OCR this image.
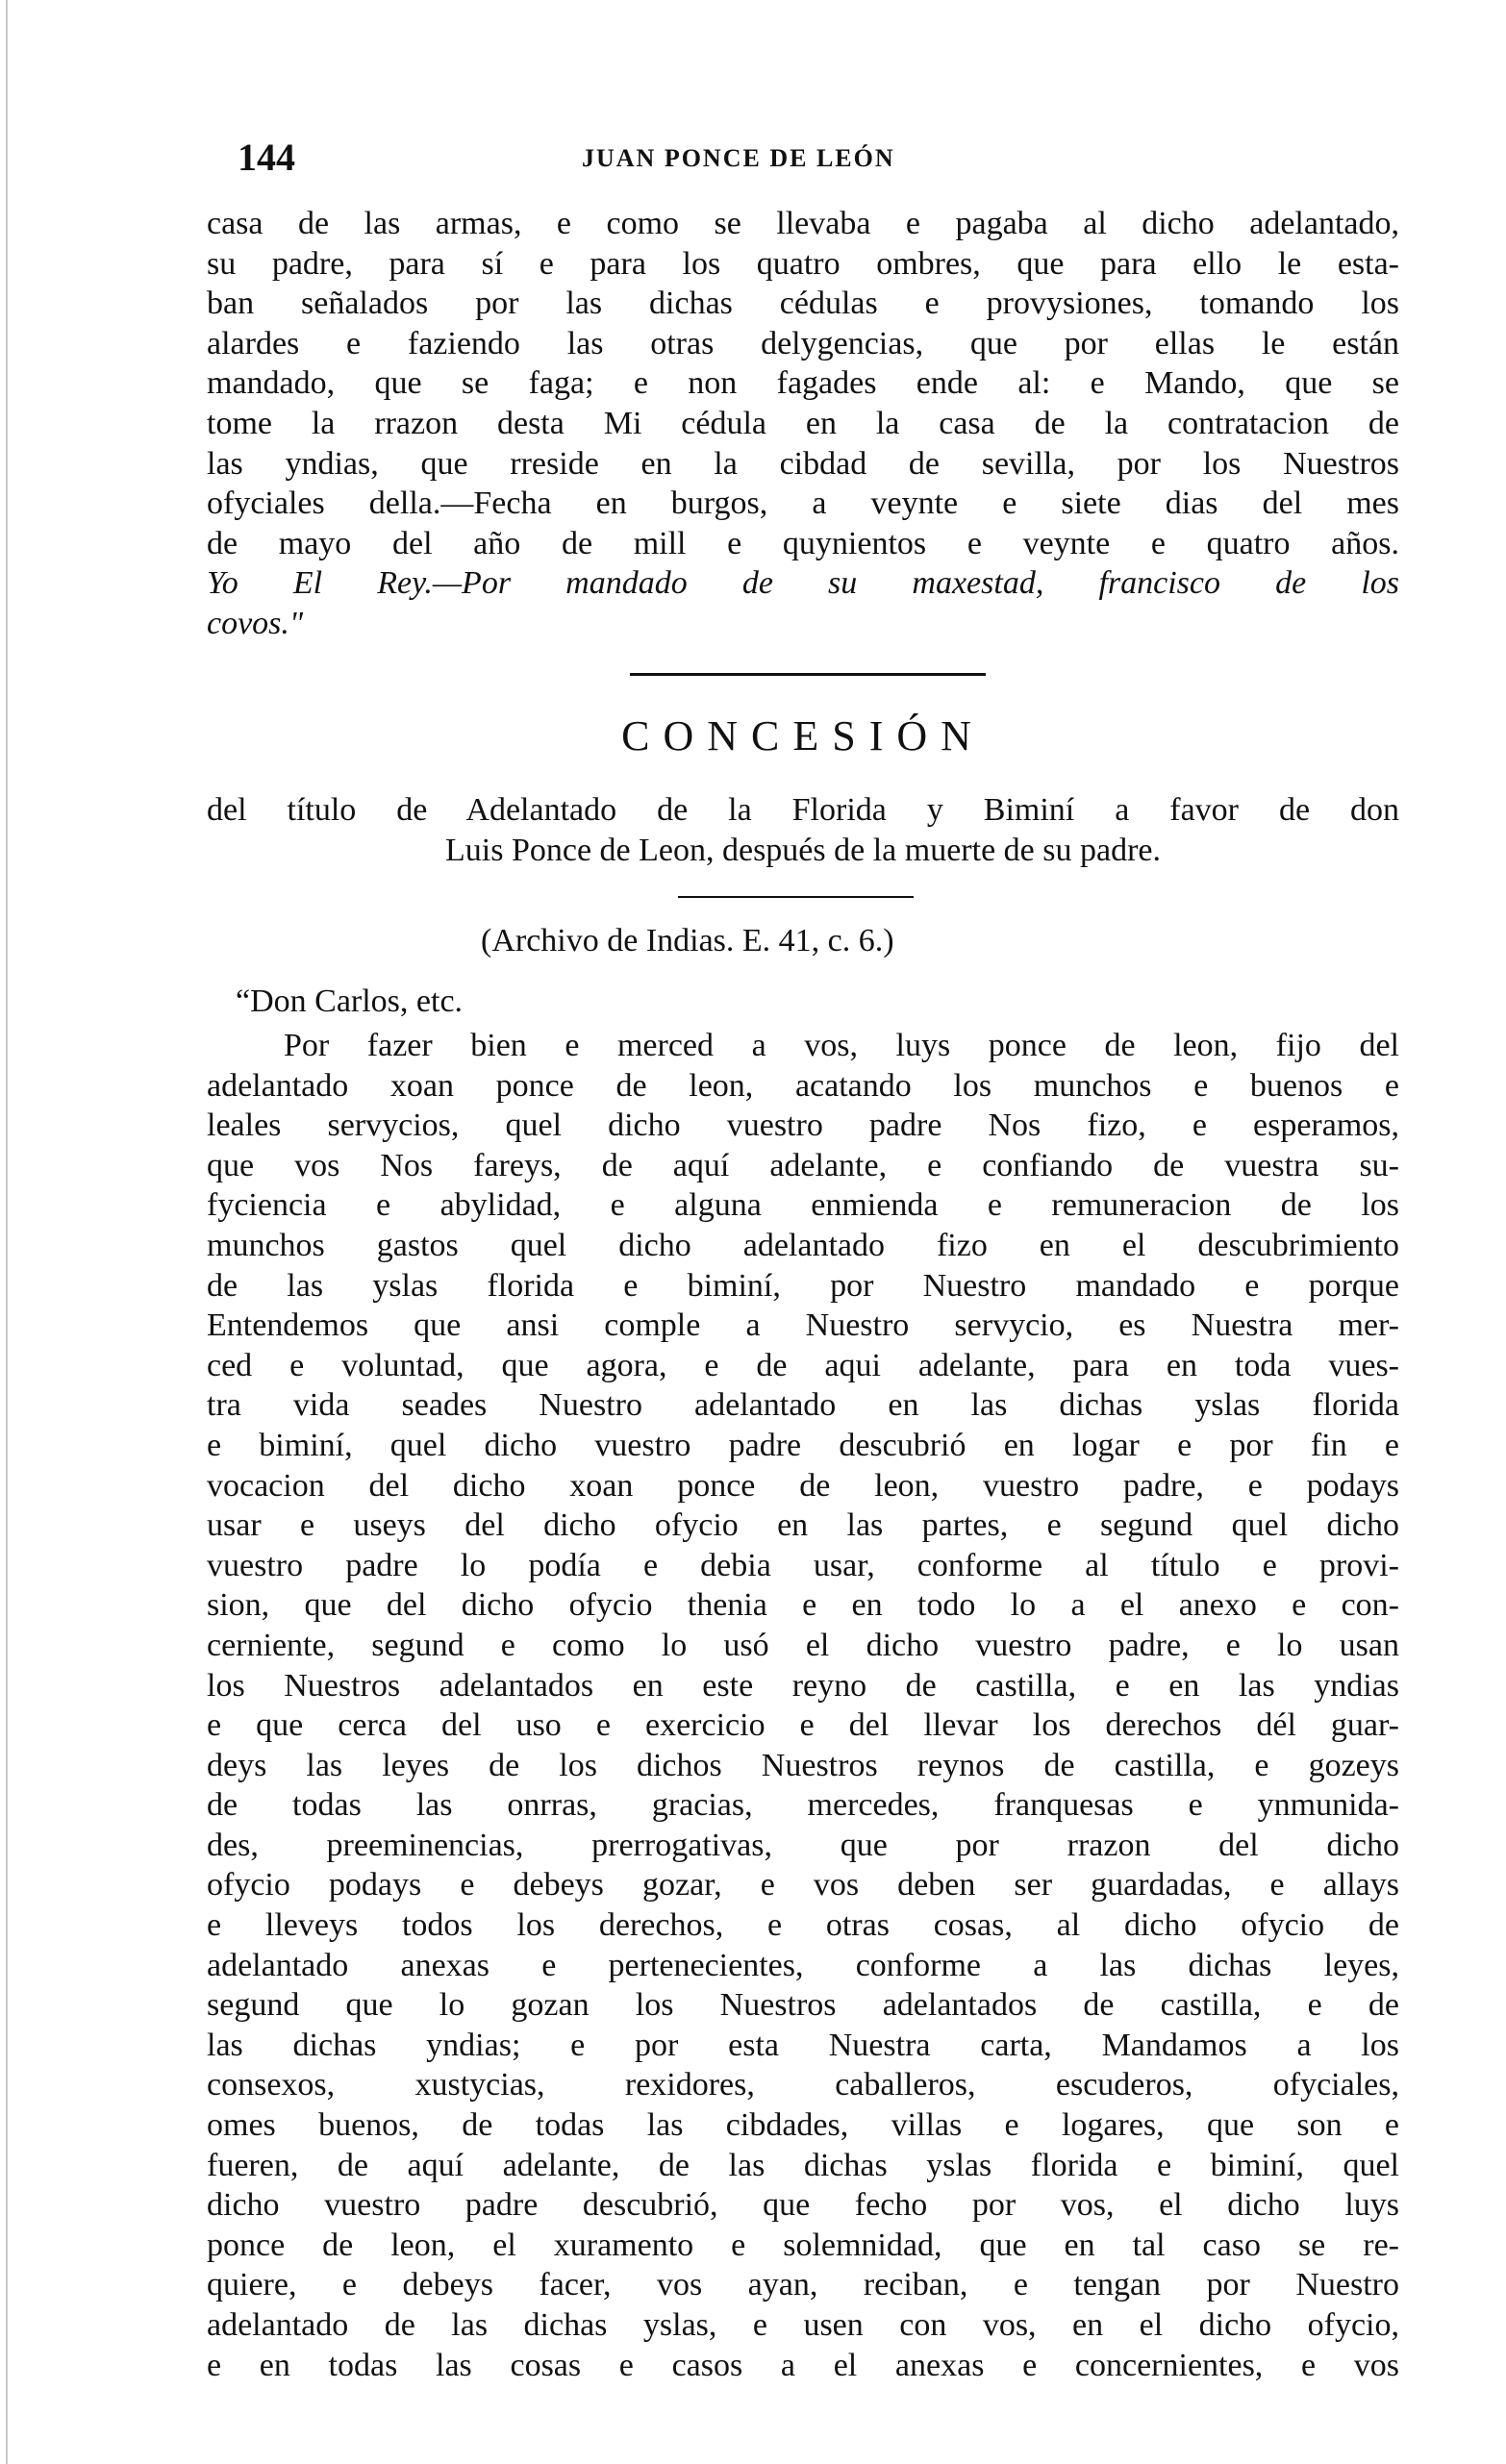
144	JUAN PONCE DE LEÓN
casa de las armas, e como se llevaba e pagaba al dicho adelantado,
su padre, para sí e para los quatro ombres, que para ello le esta-
ban señalados por las dichas cédulas e provysiones, tomando los
alardes e faziendo las otras delygencias, que por ellas le están
mandado, que se faga; e non fagades ende al: e Mando, que se
tome la rrazon desta Mi cédula en la casa de la contratacion de
las yndias, que rreside en la cibdad de sevilla, por los Nuestros
ofyciales della.—Fecha en burgos, a veynte e siete dias del mes
de mayo del año de mill e quynientos e veynte e quatro años.
Yo El Rey.—Por mandado de su maxestad, francisco de los
covos."
CONCESIÓN
del título de Adelantado de la Florida y Biminí a favor de don
Luis Ponce de Leon, después de la muerte de su padre.
(Archivo de Indias. E. 41, c. 6.)
“Don Carlos, etc.
Por fazer bien e merced a vos, luys ponce de leon, fijo del
adelantado xoan ponce de leon, acatando los munchos e buenos e
leales servycios, quel dicho vuestro padre Nos fizo, e esperamos,
que vos Nos fareys, de aquí adelante, e confiando de vuestra su-
fyciencia e abylidad, e alguna enmienda e remuneracion de los
munchos gastos quel dicho adelantado fizo en el descubrimiento
de las yslas florida e biminí, por Nuestro mandado e porque
Entendemos que ansi comple a Nuestro servycio, es Nuestra mer-
ced e voluntad, que agora, e de aqui adelante, para en toda vues-
tra vida seades Nuestro adelantado en las dichas yslas florida
e biminí, quel dicho vuestro padre descubrió en logar e por fin e
vocacion del dicho xoan ponce de leon, vuestro padre, e podays
usar e useys del dicho ofycio en las partes, e segund quel dicho
vuestro padre lo podía e debia usar, conforme al título e provi-
sion, que del dicho ofycio thenia e en todo lo a el anexo e con-
cerniente, segund e como lo usó el dicho vuestro padre, e lo usan
los Nuestros adelantados en este reyno de castilla, e en las yndias
e que cerca del uso e exercicio e del llevar los derechos dél guar-
deys las leyes de los dichos Nuestros reynos de castilla, e gozeys
de todas las onrras, gracias, mercedes, franquesas e ynmunida-
des, preeminencias, prerrogativas, que por rrazon del dicho
ofycio podays e debeys gozar, e vos deben ser guardadas, e allays
e lleveys todos los derechos, e otras cosas, al dicho ofycio de
adelantado anexas e pertenecientes, conforme a las dichas leyes,
segund que lo gozan los Nuestros adelantados de castilla, e de
las dichas yndias; e por esta Nuestra carta, Mandamos a los
consexos, xustycias, rexidores, caballeros, escuderos, ofyciales,
omes buenos, de todas las cibdades, villas e logares, que son e
fueren, de aquí adelante, de las dichas yslas florida e biminí, quel
dicho vuestro padre descubrió, que fecho por vos, el dicho luys
ponce de leon, el xuramento e solemnidad, que en tal caso se re-
quiere, e debeys facer, vos ayan, reciban, e tengan por Nuestro
adelantado de las dichas yslas, e usen con vos, en el dicho ofycio,
e en todas las cosas e casos a el anexas e concernientes, e vos
